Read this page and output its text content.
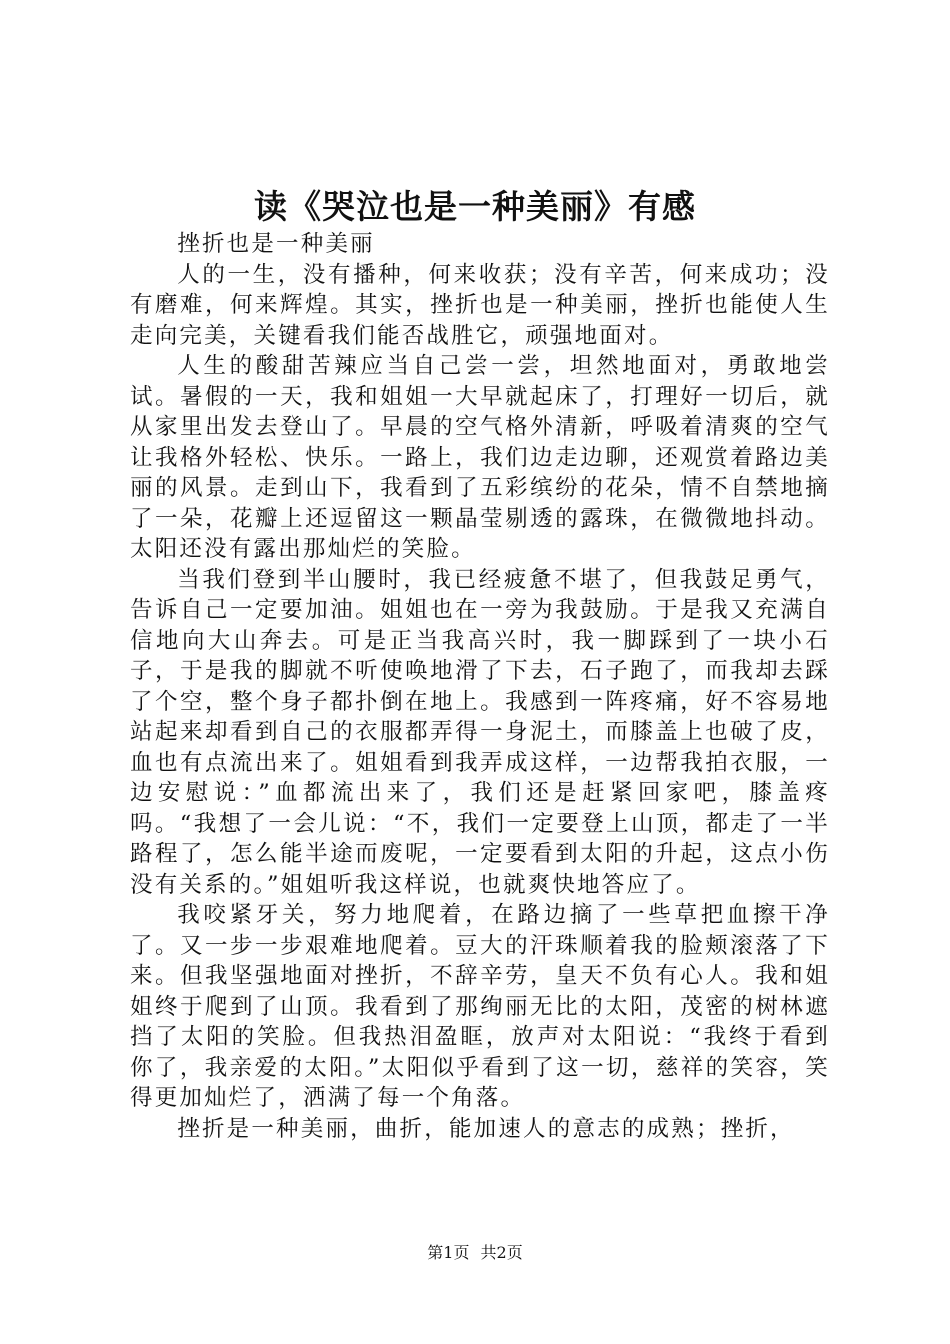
读《哭泣也是一种美丽》有感

挫折也是一种美丽

人的一生，没有播种，何来收获；没有辛苦，何来成功；没有磨难，何来辉煌。其实，挫折也是一种美丽，挫折也能使人生走向完美，关键看我们能否战胜它，顽强地面对。

人生的酸甜苦辣应当自己尝一尝，坦然地面对，勇敢地尝试。暑假的一天，我和姐姐一大早就起床了，打理好一切后，就从家里出发去登山了。早晨的空气格外清新，呼吸着清爽的空气让我格外轻松、快乐。一路上，我们边走边聊，还观赏着路边美丽的风景。走到山下，我看到了五彩缤纷的花朵，情不自禁地摘了一朵，花瓣上还逗留这一颗晶莹剔透的露珠，在微微地抖动。太阳还没有露出那灿烂的笑脸。

当我们登到半山腰时，我已经疲惫不堪了，但我鼓足勇气，告诉自己一定要加油。姐姐也在一旁为我鼓励。于是我又充满自信地向大山奔去。可是正当我高兴时，我一脚踩到了一块小石子，于是我的脚就不听使唤地滑了下去，石子跑了，而我却去踩了个空，整个身子都扑倒在地上。我感到一阵疼痛，好不容易地站起来却看到自己的衣服都弄得一身泥土，而膝盖上也破了皮，血也有点流出来了。姐姐看到我弄成这样，一边帮我拍衣服，一边安慰说：”血都流出来了，我们还是赶紧回家吧，膝盖疼吗。“我想了一会儿说：“不，我们一定要登上山顶，都走了一半路程了，怎么能半途而废呢，一定要看到太阳的升起，这点小伤没有关系的。”姐姐听我这样说，也就爽快地答应了。

我咬紧牙关，努力地爬着，在路边摘了一些草把血擦干净了。又一步一步艰难地爬着。豆大的汗珠顺着我的脸颊滚落了下来。但我坚强地面对挫折，不辞辛劳，皇天不负有心人。我和姐姐终于爬到了山顶。我看到了那绚丽无比的太阳，茂密的树林遮挡了太阳的笑脸。但我热泪盈眶，放声对太阳说：“我终于看到你了，我亲爱的太阳。”太阳似乎看到了这一切，慈祥的笑容，笑得更加灿烂了，洒满了每一个角落。

挫折是一种美丽，曲折，能加速人的意志的成熟；挫折，

第1页 共2页
